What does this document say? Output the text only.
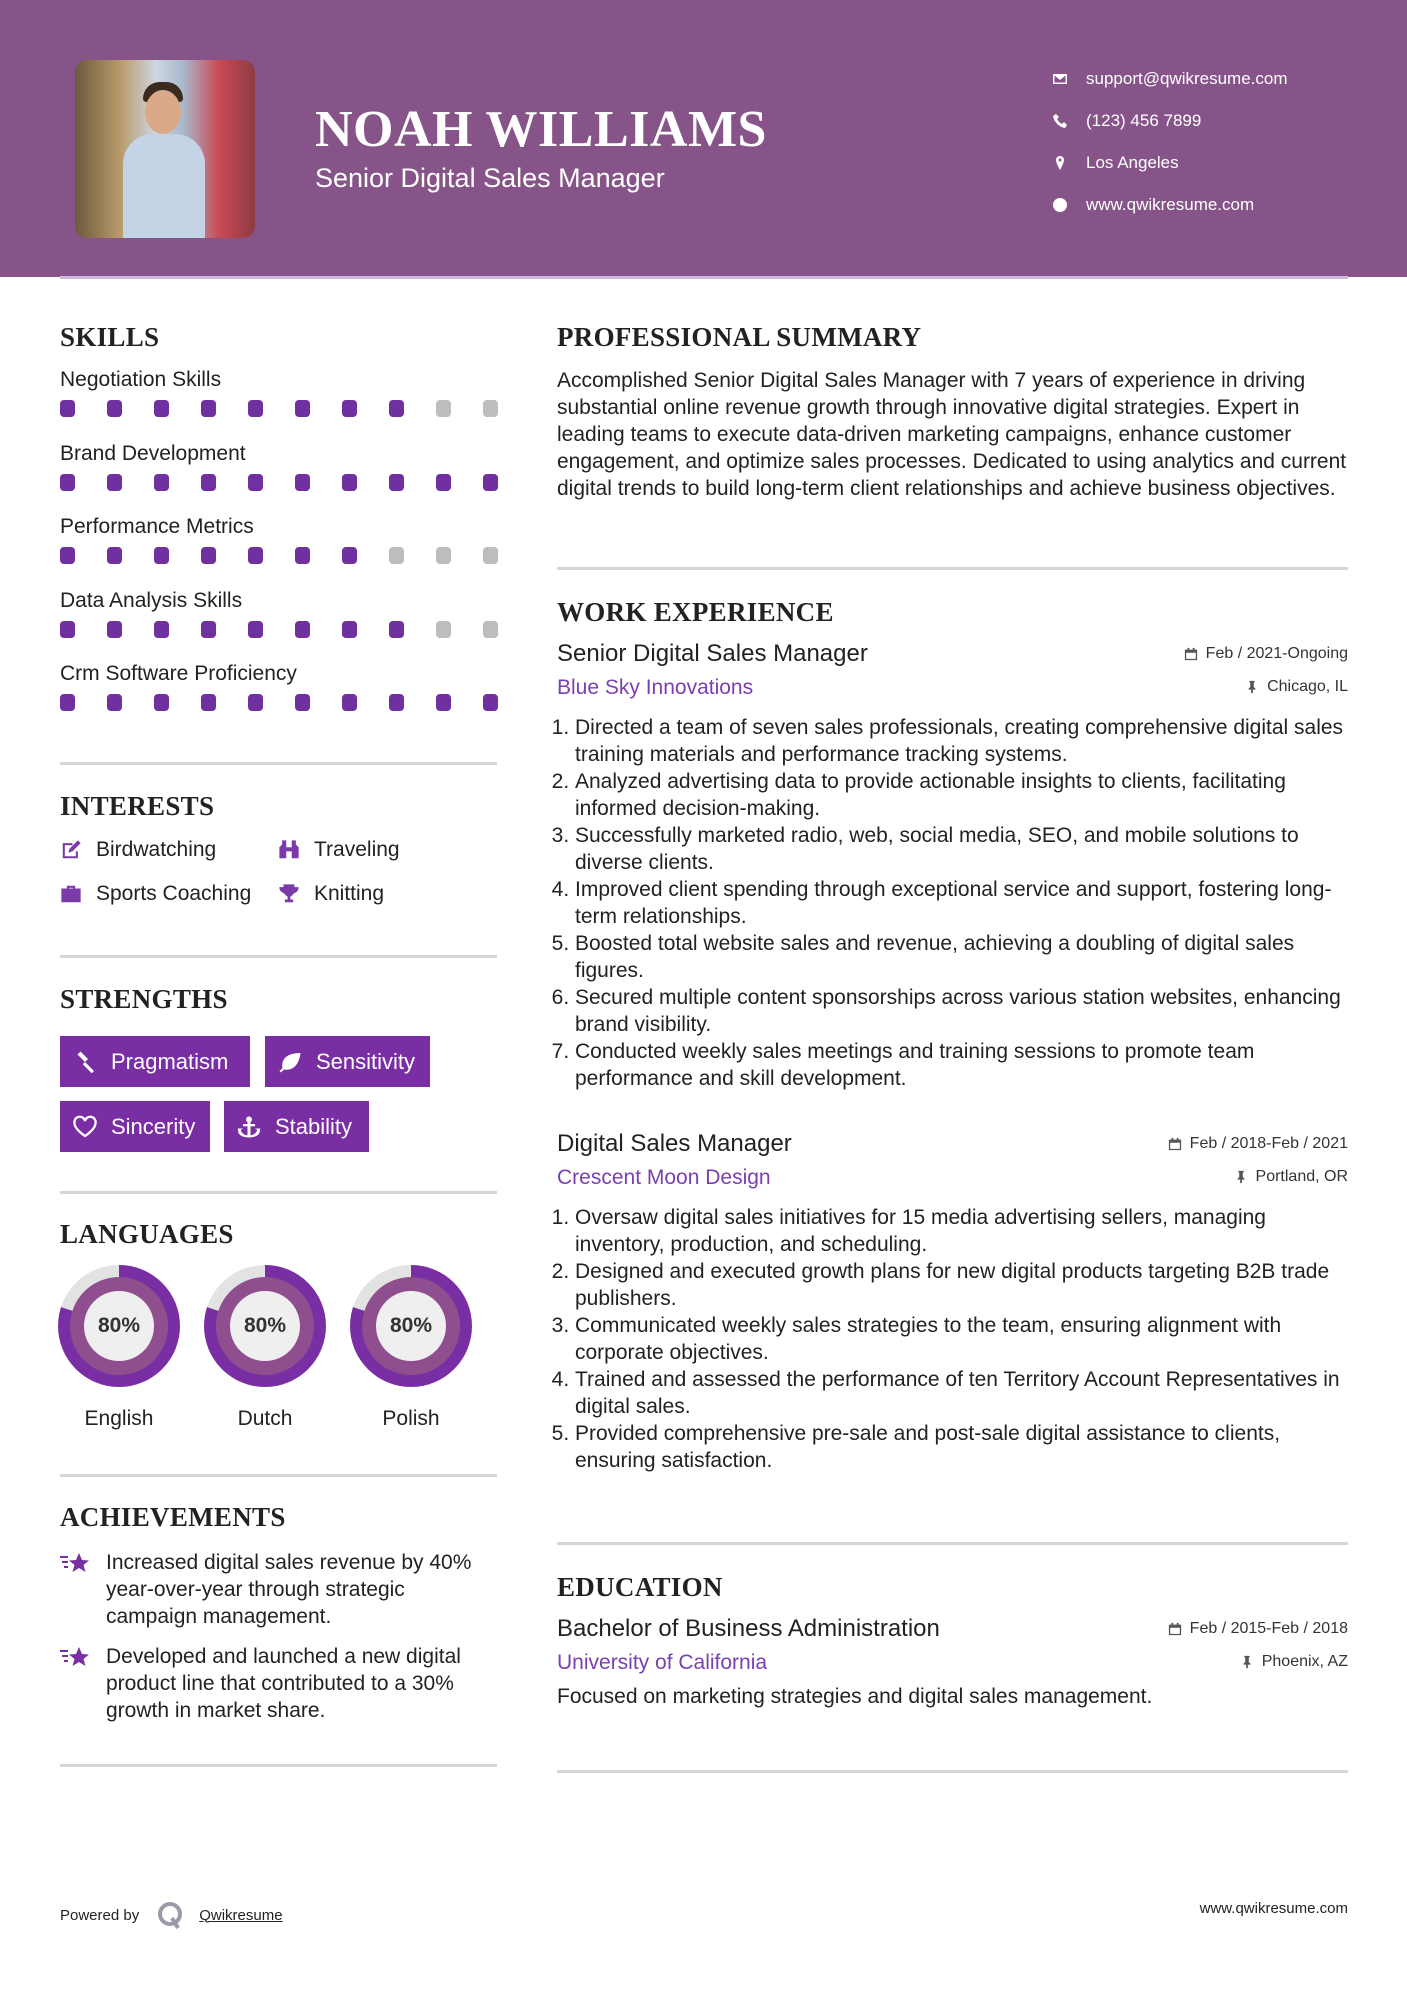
NOAH WILLIAMS
Senior Digital Sales Manager
support@qwikresume.com
(123) 456 7899
Los Angeles
www.qwikresume.com
SKILLS
Negotiation Skills
Brand Development
Performance Metrics
Data Analysis Skills
Crm Software Proficiency
INTERESTS
Birdwatching	Traveling
Sports Coaching	Knitting
STRENGTHS
Pragmatism	Sensitivity
Sincerity	Stability
LANGUAGES
80%
English
80%
Dutch
80%
Polish
ACHIEVEMENTS
Increased digital sales revenue by 40% year-over-year through strategic campaign management.
Developed and launched a new digital product line that contributed to a 30% growth in market share.
PROFESSIONAL SUMMARY
Accomplished Senior Digital Sales Manager with 7 years of experience in driving substantial online revenue growth through innovative digital strategies. Expert in leading teams to execute data-driven marketing campaigns, enhance customer engagement, and optimize sales processes. Dedicated to using analytics and current digital trends to build long-term client relationships and achieve business objectives.
WORK EXPERIENCE
Senior Digital Sales Manager	Feb / 2021-Ongoing
Blue Sky Innovations	Chicago, IL
1. Directed a team of seven sales professionals, creating comprehensive digital sales training materials and performance tracking systems.
2. Analyzed advertising data to provide actionable insights to clients, facilitating informed decision-making.
3. Successfully marketed radio, web, social media, SEO, and mobile solutions to diverse clients.
4. Improved client spending through exceptional service and support, fostering long-term relationships.
5. Boosted total website sales and revenue, achieving a doubling of digital sales figures.
6. Secured multiple content sponsorships across various station websites, enhancing brand visibility.
7. Conducted weekly sales meetings and training sessions to promote team performance and skill development.
Digital Sales Manager	Feb / 2018-Feb / 2021
Crescent Moon Design	Portland, OR
1. Oversaw digital sales initiatives for 15 media advertising sellers, managing inventory, production, and scheduling.
2. Designed and executed growth plans for new digital products targeting B2B trade publishers.
3. Communicated weekly sales strategies to the team, ensuring alignment with corporate objectives.
4. Trained and assessed the performance of ten Territory Account Representatives in digital sales.
5. Provided comprehensive pre-sale and post-sale digital assistance to clients, ensuring satisfaction.
EDUCATION
Bachelor of Business Administration	Feb / 2015-Feb / 2018
University of California	Phoenix, AZ
Focused on marketing strategies and digital sales management.
Powered by	Qwikresume	www.qwikresume.com
